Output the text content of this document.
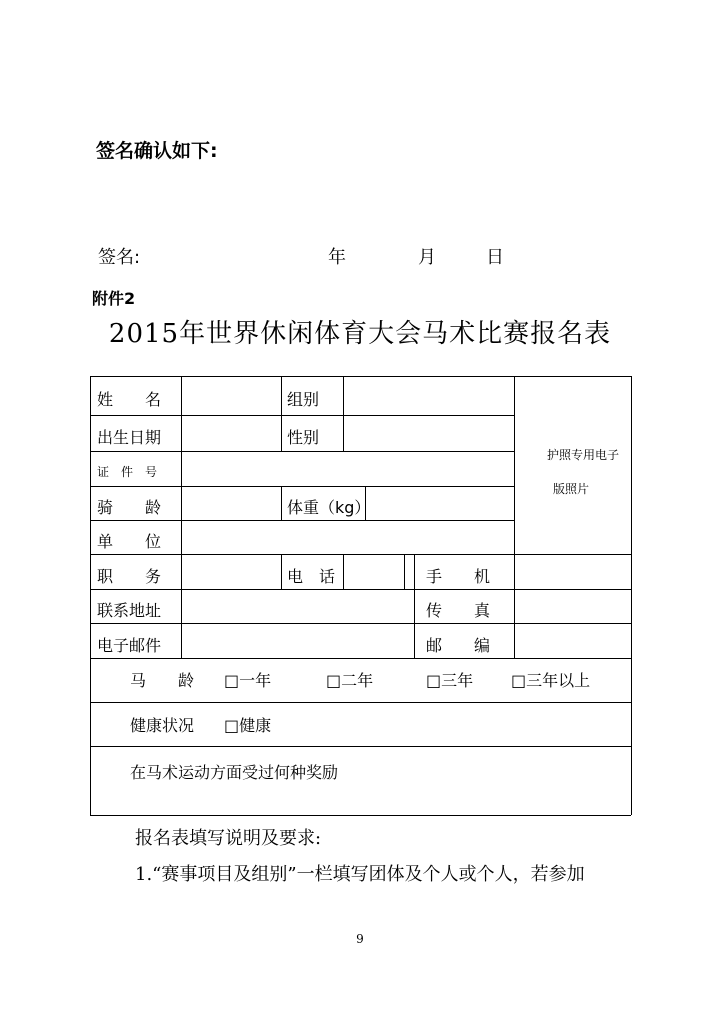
签名确认如下:
签名:	年	月	日
附件2
2015年世界休闲体育大会马术比赛报名表
姓　　名	组别
出生日期	性别
证　件　号
骑　　龄	体重（kg）
单　　位
职　　务	电　话	手　　机
联系地址	传　　真
电子邮件	邮　　编
护照专用电子
版照片
马　　龄 □一年	□二年	□三年 □三年以上
健康状况 □健康
在马术运动方面受过何种奖励
报名表填写说明及要求:
1.“赛事项目及组别”一栏填写团体及个人或个人，若参加
9
